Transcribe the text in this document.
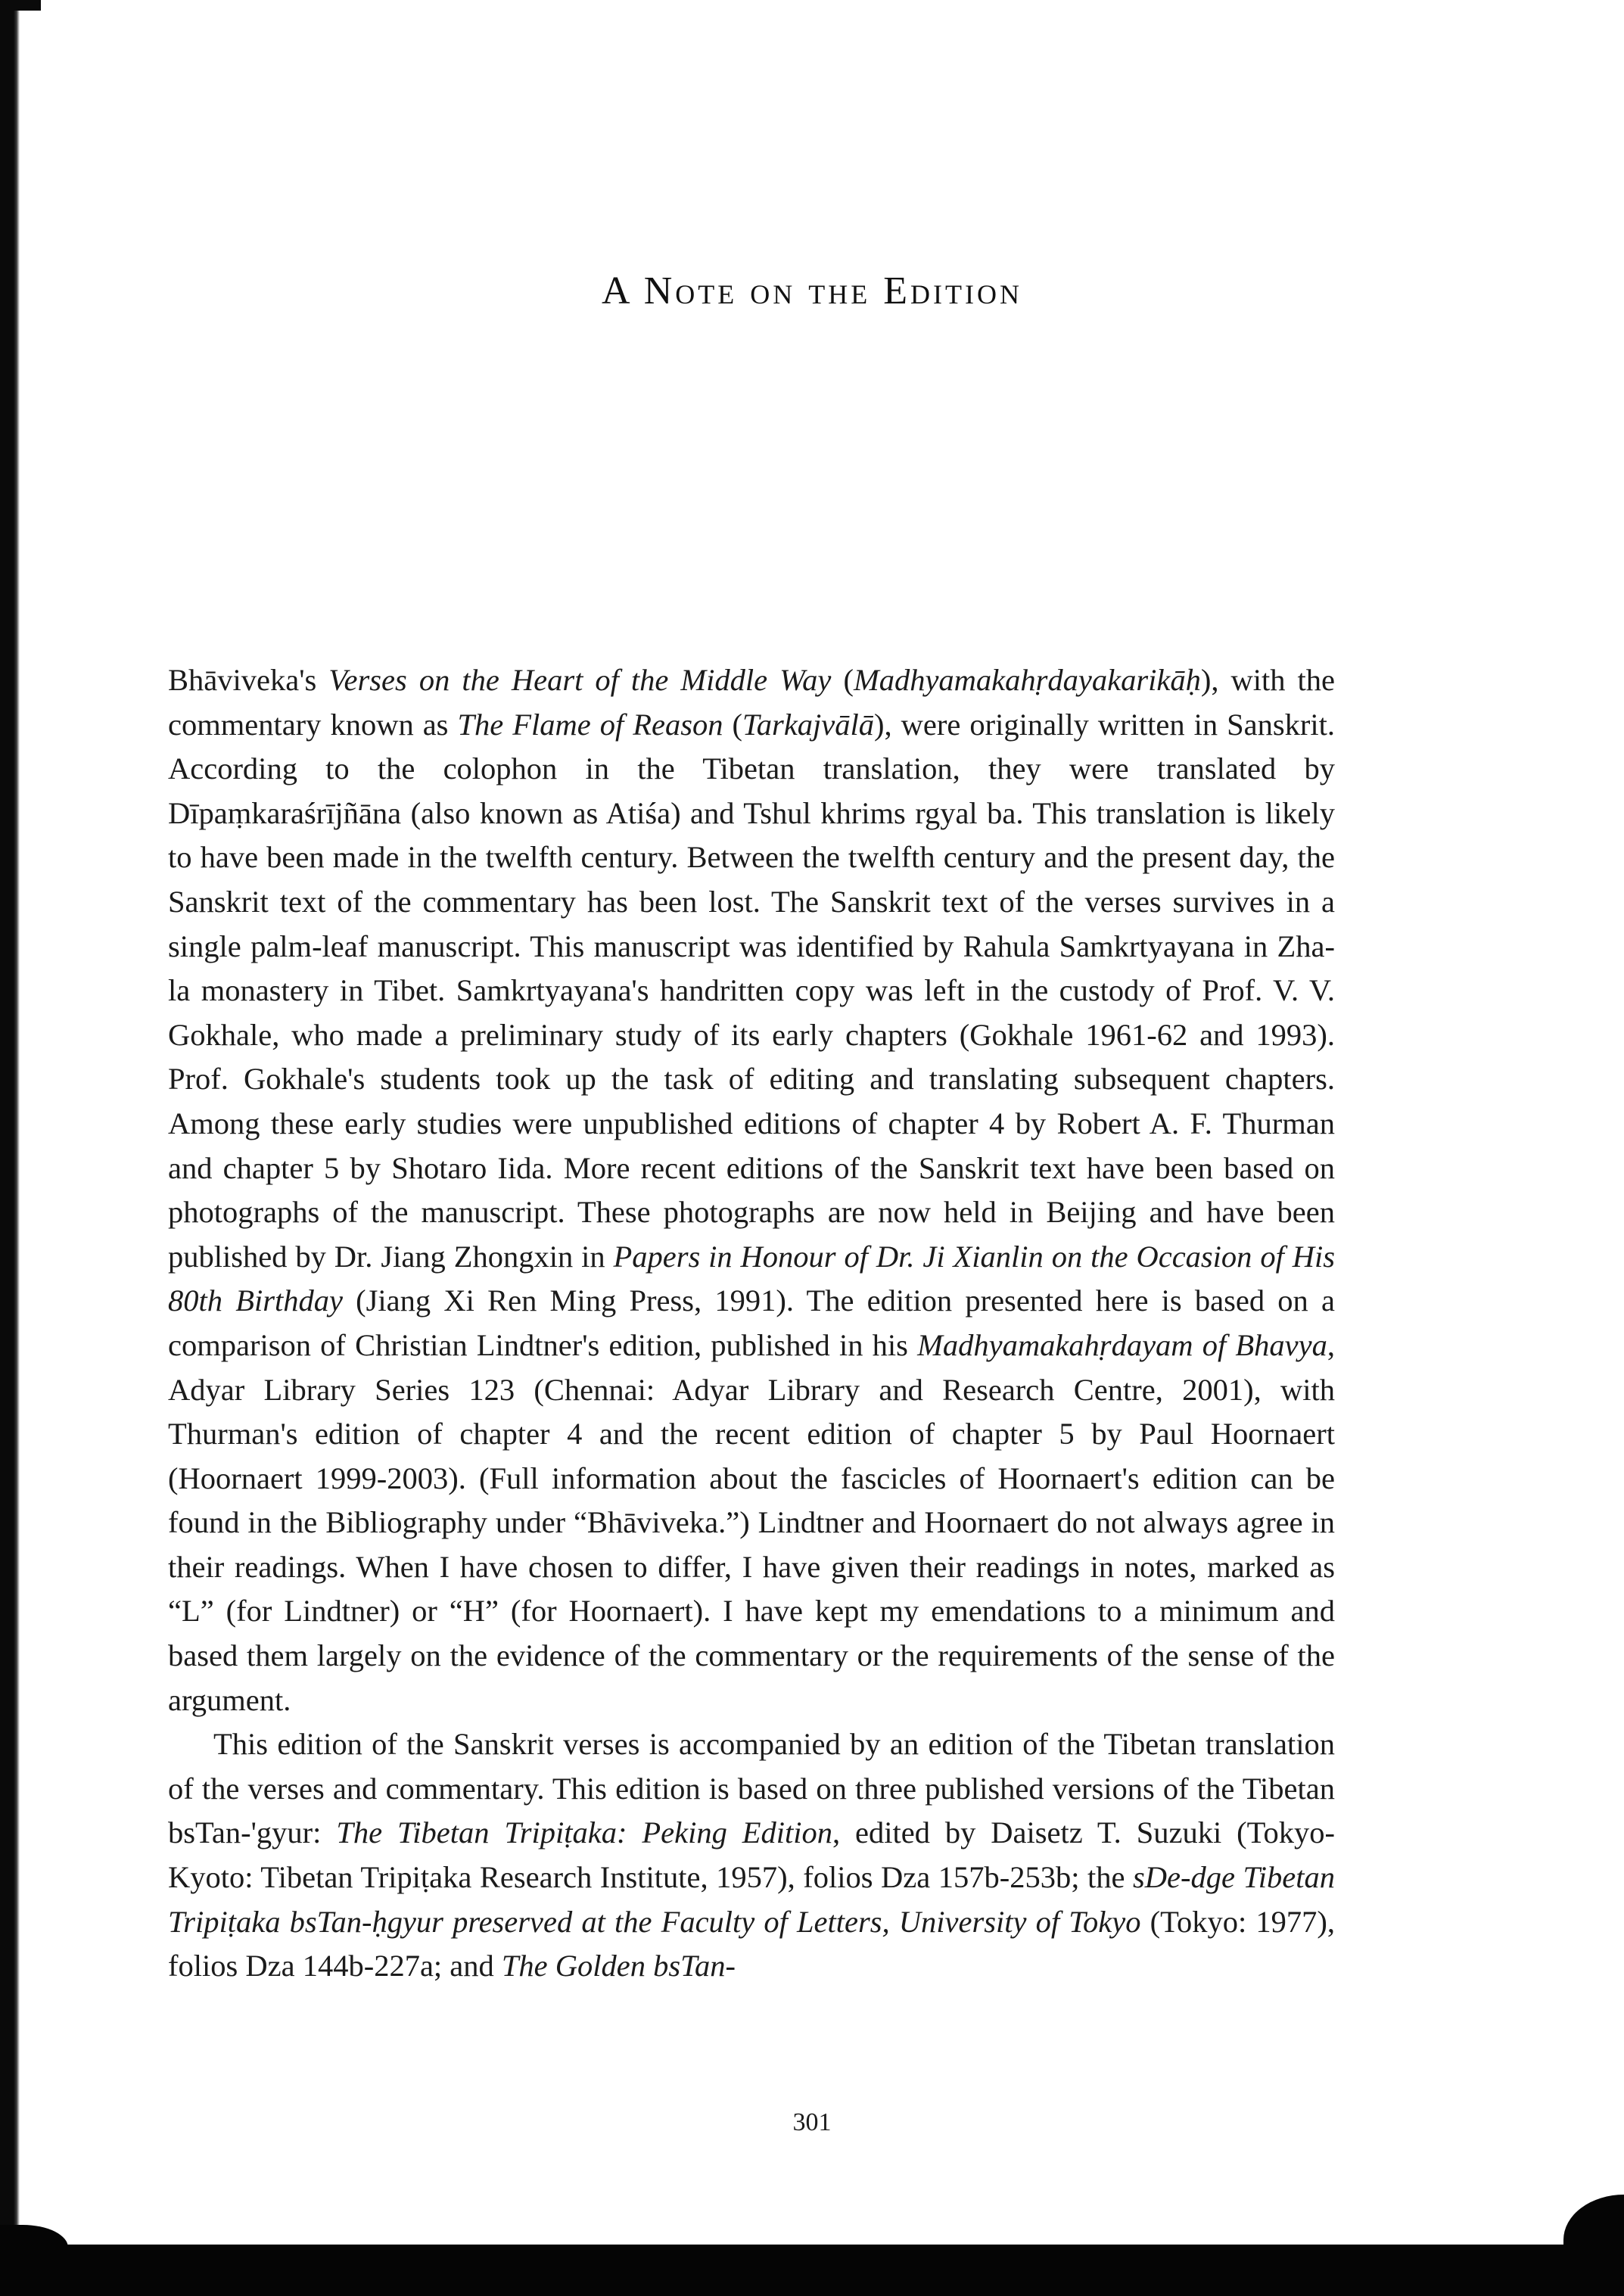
A Note on the Edition

Bhāviveka's Verses on the Heart of the Middle Way (Madhyamakahṛdayakarikāḥ), with the commentary known as The Flame of Reason (Tarkajvālā), were originally written in Sanskrit. According to the colophon in the Tibetan translation, they were translated by Dīpaṃkaraśrījñāna (also known as Atiśa) and Tshul khrims rgyal ba. This translation is likely to have been made in the twelfth century. Between the twelfth century and the present day, the Sanskrit text of the commentary has been lost. The Sanskrit text of the verses survives in a single palm-leaf manuscript. This manuscript was identified by Rahula Samkrtyayana in Zha-la monastery in Tibet. Samkrtyayana's handritten copy was left in the custody of Prof. V. V. Gokhale, who made a preliminary study of its early chapters (Gokhale 1961-62 and 1993). Prof. Gokhale's students took up the task of editing and translating subsequent chapters. Among these early studies were unpublished editions of chapter 4 by Robert A. F. Thurman and chapter 5 by Shotaro Iida. More recent editions of the Sanskrit text have been based on photographs of the manuscript. These photographs are now held in Beijing and have been published by Dr. Jiang Zhongxin in Papers in Honour of Dr. Ji Xianlin on the Occasion of His 80th Birthday (Jiang Xi Ren Ming Press, 1991). The edition presented here is based on a comparison of Christian Lindtner's edition, published in his Madhyamakahṛdayam of Bhavya, Adyar Library Series 123 (Chennai: Adyar Library and Research Centre, 2001), with Thurman's edition of chapter 4 and the recent edition of chapter 5 by Paul Hoornaert (Hoornaert 1999-2003). (Full information about the fascicles of Hoornaert's edition can be found in the Bibliography under “Bhāviveka.”) Lindtner and Hoornaert do not always agree in their readings. When I have chosen to differ, I have given their readings in notes, marked as “L” (for Lindtner) or “H” (for Hoornaert). I have kept my emendations to a minimum and based them largely on the evidence of the commentary or the requirements of the sense of the argument.

This edition of the Sanskrit verses is accompanied by an edition of the Tibetan translation of the verses and commentary. This edition is based on three published versions of the Tibetan bsTan-'gyur: The Tibetan Tripiṭaka: Peking Edition, edited by Daisetz T. Suzuki (Tokyo-Kyoto: Tibetan Tripiṭaka Research Institute, 1957), folios Dza 157b-253b; the sDe-dge Tibetan Tripiṭaka bsTan-ḥgyur preserved at the Faculty of Letters, University of Tokyo (Tokyo: 1977), folios Dza 144b-227a; and The Golden bsTan-

301
